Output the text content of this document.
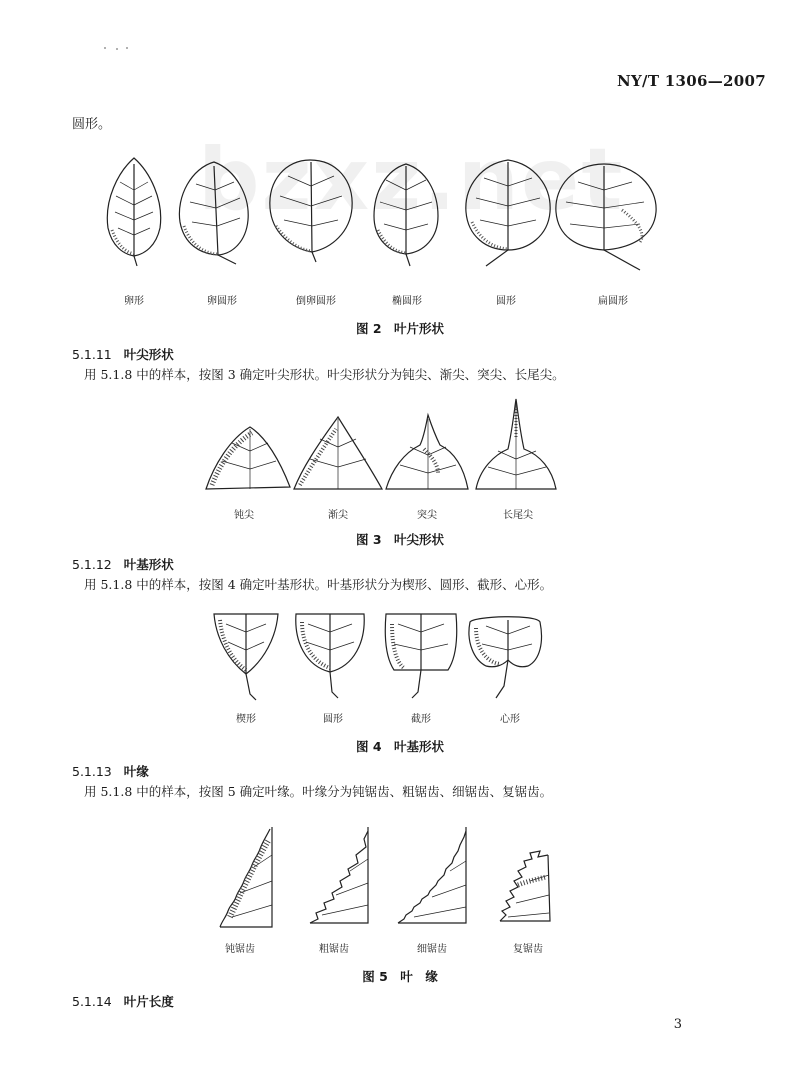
NY/T 1306—2007
圆形。
bzxz.net
卵形	卵圆形	倒卵圆形	椭圆形	圆形	扁圆形
图 2　叶片形状
5.1.11 叶尖形状
用 5.1.8 中的样本，按图 3 确定叶尖形状。叶尖形状分为钝尖、渐尖、突尖、长尾尖。
钝尖	渐尖	突尖	长尾尖
图 3　叶尖形状
5.1.12 叶基形状
用 5.1.8 中的样本，按图 4 确定叶基形状。叶基形状分为楔形、圆形、截形、心形。
楔形	圆形	截形	心形
图 4　叶基形状
5.1.13 叶缘
用 5.1.8 中的样本，按图 5 确定叶缘。叶缘分为钝锯齿、粗锯齿、细锯齿、复锯齿。
钝锯齿	粗锯齿	细锯齿	复锯齿
图 5　叶　缘
5.1.14 叶片长度
3
